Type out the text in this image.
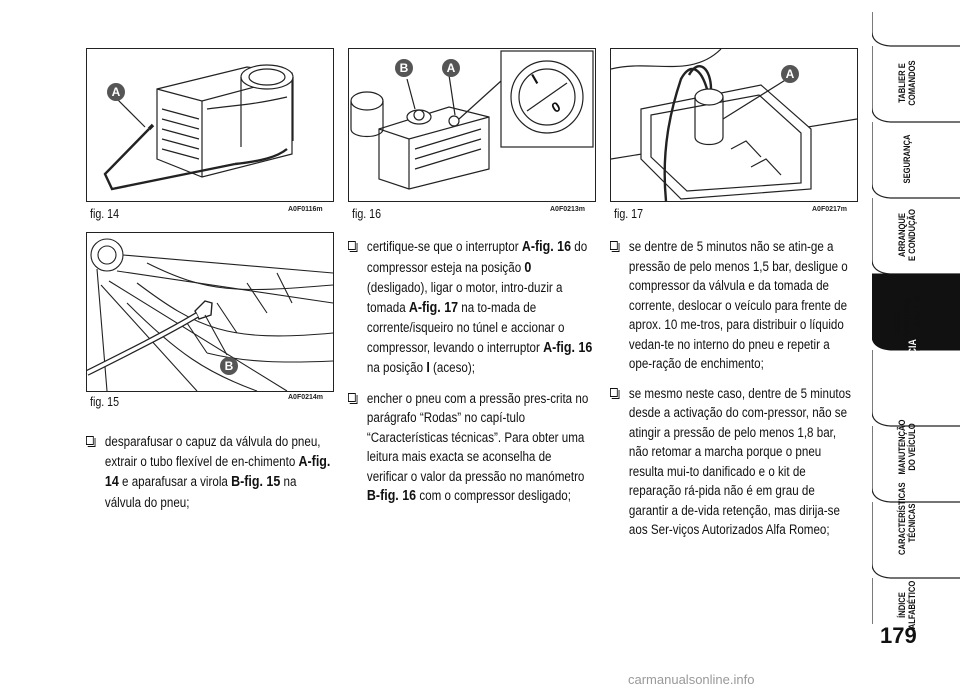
A
fig. 14	A0F0116m
B
fig. 15	A0F0214m
I
0
B	A
fig. 16	A0F0213m
A
fig. 17	A0F0217m
desparafusar o capuz da válvula do pneu, extrair o tubo flexível de en-chimento A-fig. 14 e aparafusar a virola B-fig. 15 na válvula do pneu;
certifique-se que o interruptor A-fig. 16 do compressor esteja na posição 0 (desligado), ligar o motor, intro-duzir a tomada A-fig. 17 na to-mada de corrente/isqueiro no túnel e accionar o compressor, levando o interruptor A-fig. 16 na posição I (aceso);
encher o pneu com a pressão pres-crita no parágrafo “Rodas” no capí-tulo “Características técnicas”. Para obter uma leitura mais exacta se aconselha de verificar o valor da pressão no manómetro B-fig. 16 com o compressor desligado;
se dentre de 5 minutos não se atin-ge a pressão de pelo menos 1,5 bar, desligue o compressor da válvula e da tomada de corrente, deslocar o veículo para frente de aprox. 10 me-tros, para distribuir o líquido vedan-te no interno do pneu e repetir a ope-ração de enchimento;
se mesmo neste caso, dentre de 5 minutos desde a activação do com-pressor, não se atingir a pressão de pelo menos 1,8 bar, não retomar a marcha porque o pneu resulta mui-to danificado e o kit de reparação rá-pida não é em grau de garantir a de-vida retenção, mas dirija-se aos Ser-viços Autorizados Alfa Romeo;
TABLIER E
COMANDOS
SEGURANÇA
ARRANQUE
E CONDUÇÃO
LUZES
AVISADORAS
E MENSAGENS
EM
EMERGÊNCIA
MANUTENÇÃO
DO VEÍCULO
CARACTERÍSTICAS
TÉCNICAS
ÍNDICE
ALFABÉTICO
179
carmanualsonline.info
